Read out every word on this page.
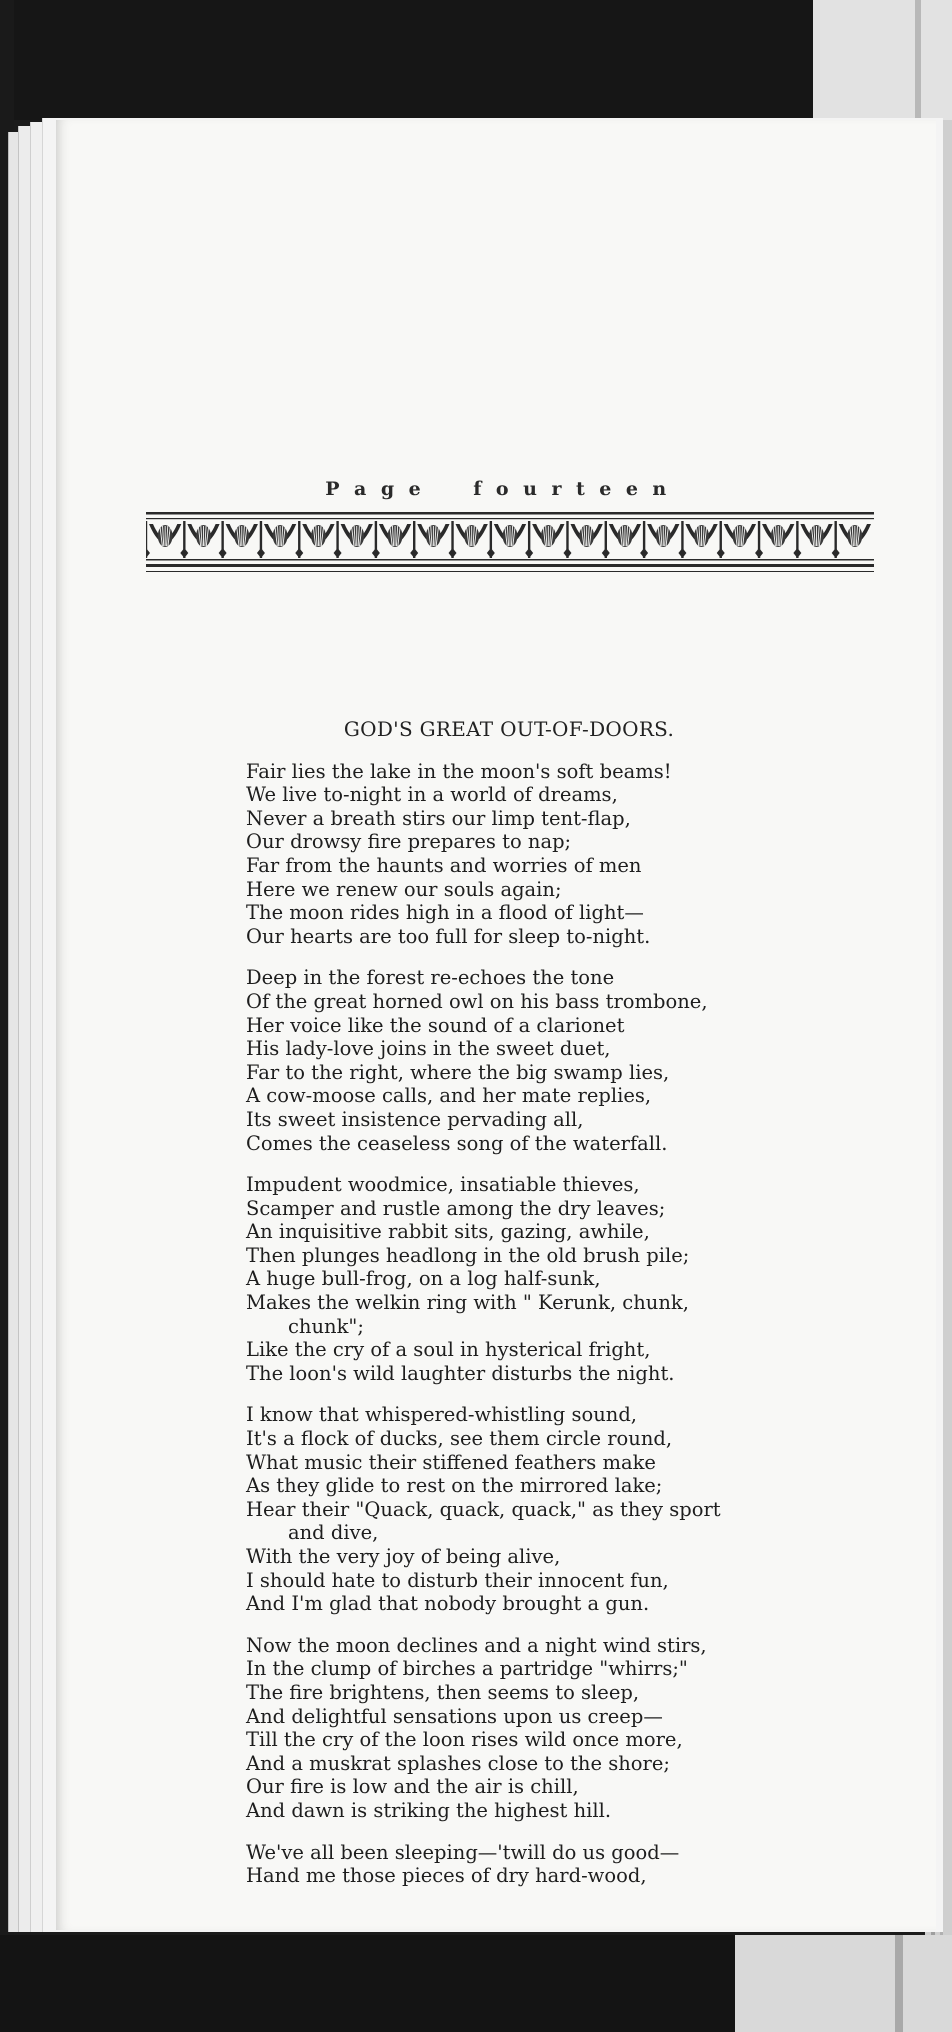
P a g e	f o u r t e e n
GOD'S GREAT OUT-OF-DOORS.
Fair lies the lake in the moon's soft beams!
We live to-night in a world of dreams,
Never a breath stirs our limp tent-flap,
Our drowsy fire prepares to nap;
Far from the haunts and worries of men
Here we renew our souls again;
The moon rides high in a flood of light—
Our hearts are too full for sleep to-night.
Deep in the forest re-echoes the tone
Of the great horned owl on his bass trombone,
Her voice like the sound of a clarionet
His lady-love joins in the sweet duet,
Far to the right, where the big swamp lies,
A cow-moose calls, and her mate replies,
Its sweet insistence pervading all,
Comes the ceaseless song of the waterfall.
Impudent woodmice, insatiable thieves,
Scamper and rustle among the dry leaves;
An inquisitive rabbit sits, gazing, awhile,
Then plunges headlong in the old brush pile;
A huge bull-frog, on a log half-sunk,
Makes the welkin ring with " Kerunk, chunk,
chunk";
Like the cry of a soul in hysterical fright,
The loon's wild laughter disturbs the night.
I know that whispered-whistling sound,
It's a flock of ducks, see them circle round,
What music their stiffened feathers make
As they glide to rest on the mirrored lake;
Hear their "Quack, quack, quack," as they sport
and dive,
With the very joy of being alive,
I should hate to disturb their innocent fun,
And I'm glad that nobody brought a gun.
Now the moon declines and a night wind stirs,
In the clump of birches a partridge "whirrs;"
The fire brightens, then seems to sleep,
And delightful sensations upon us creep—
Till the cry of the loon rises wild once more,
And a muskrat splashes close to the shore;
Our fire is low and the air is chill,
And dawn is striking the highest hill.
We've all been sleeping—'twill do us good—
Hand me those pieces of dry hard-wood,
